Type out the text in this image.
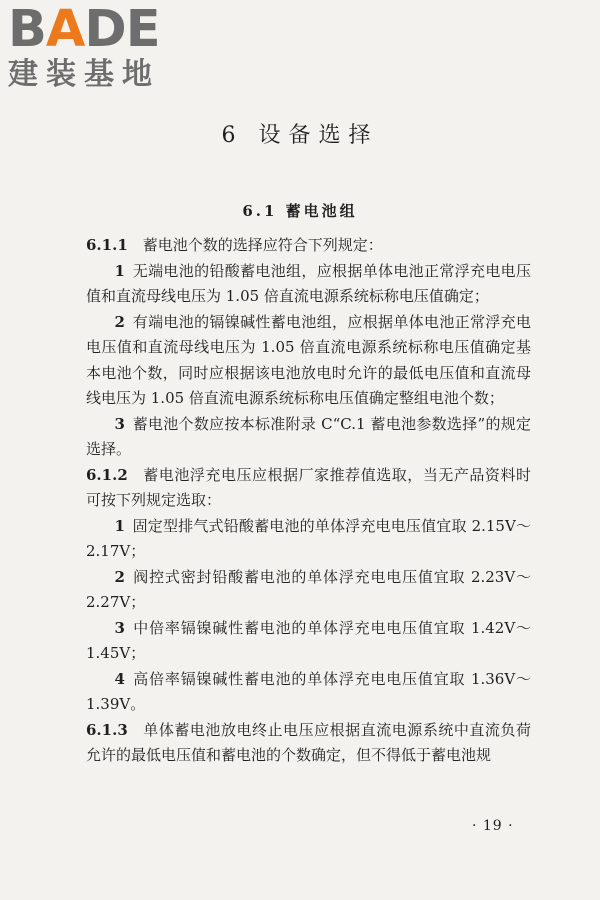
BADE
建装基地
6 设备选择
6.1 蓄电池组

6.1.1  蓄电池个数的选择应符合下列规定：

1  无端电池的铅酸蓄电池组，应根据单体电池正常浮充电电压值和直流母线电压为 1.05 倍直流电源系统标称电压值确定；

2  有端电池的镉镍碱性蓄电池组，应根据单体电池正常浮充电电压值和直流母线电压为 1.05 倍直流电源系统标称电压值确定基本电池个数，同时应根据该电池放电时允许的最低电压值和直流母线电压为 1.05 倍直流电源系统标称电压值确定整组电池个数；

3  蓄电池个数应按本标准附录 C“C.1 蓄电池参数选择”的规定选择。

6.1.2  蓄电池浮充电压应根据厂家推荐值选取，当无产品资料时可按下列规定选取：

1  固定型排气式铅酸蓄电池的单体浮充电电压值宜取 2.15V～2.17V；

2  阀控式密封铅酸蓄电池的单体浮充电电压值宜取 2.23V～2.27V；

3  中倍率镉镍碱性蓄电池的单体浮充电电压值宜取 1.42V～1.45V；

4  高倍率镉镍碱性蓄电池的单体浮充电电压值宜取 1.36V～1.39V。

6.1.3  单体蓄电池放电终止电压应根据直流电源系统中直流负荷允许的最低电压值和蓄电池的个数确定，但不得低于蓄电池规

· 19 ·
